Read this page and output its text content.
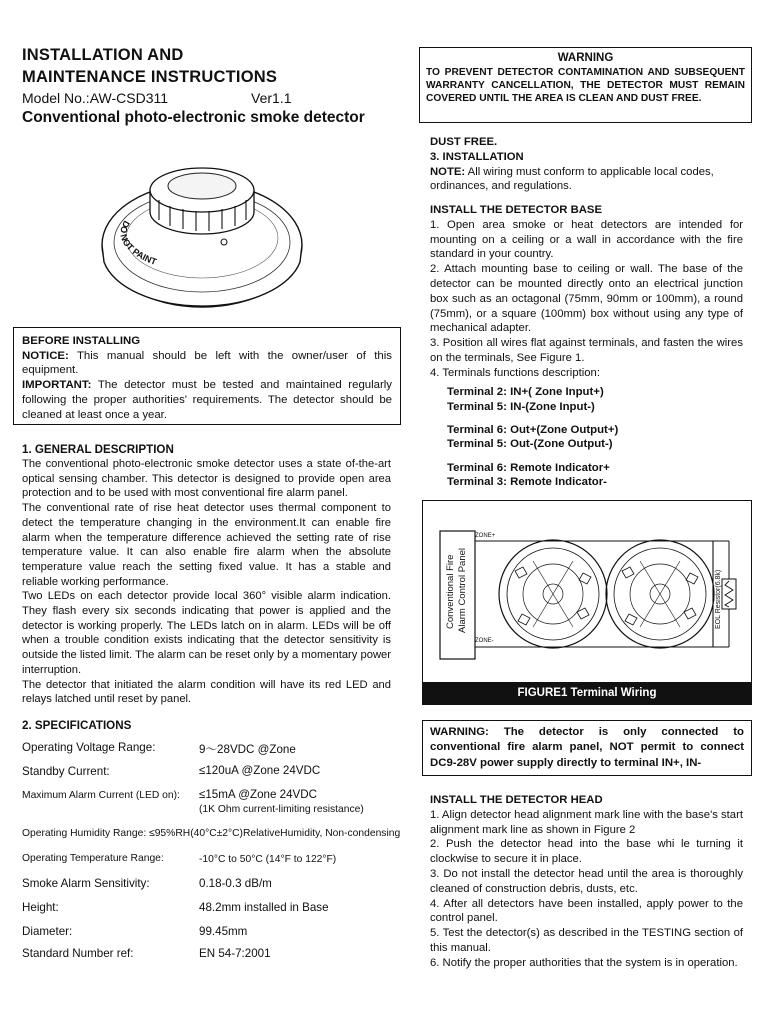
INSTALLATION AND
MAINTENANCE INSTRUCTIONS
Model No.:AW-CSD311	Ver1.1
Conventional photo-electronic smoke detector
DO NOT PAINT
BEFORE INSTALLING
NOTICE: This manual should be left with the owner/user of this equipment.
IMPORTANT: The detector must be tested and maintained regularly following the proper authorities' requirements. The detector should be cleaned at least once a year.
1. GENERAL DESCRIPTION

The conventional photo-electronic smoke detector uses a state of-the-art optical sensing chamber. This detector is designed to provide open area protection and to be used with most conventional fire alarm panel.

The conventional rate of rise heat detector uses thermal component to detect the temperature changing in the environment.It can enable fire alarm when the temperature difference achieved the setting rate of rise temperature value. It can also enable fire alarm when the absolute temperature value reach the setting fixed value. It has a stable and reliable working performance.

Two LEDs on each detector provide local 360° visible alarm indication. They flash every six seconds indicating that power is applied and the detector is working properly. The LEDs latch on in alarm. LEDs will be off when a trouble condition exists indicating that the detector sensitivity is outside the listed limit. The alarm can be reset only by a momentary power interruption.

The detector that initiated the alarm condition will have its red LED and relays latched until reset by panel.

2. SPECIFICATIONS
Operating Voltage Range:	9～28VDC @Zone
Standby Current:	≤120uA @Zone 24VDC
Maximum Alarm Current (LED on): ≤15mA @Zone 24VDC
(1K Ohm current-limiting resistance)
Operating Humidity Range: ≤95%RH(40°C±2°C)RelativeHumidity, Non-condensing
Operating Temperature Range:	-10°C to 50°C (14°F to 122°F)
Smoke Alarm Sensitivity:	0.18-0.3 dB/m
Height:	48.2mm installed in Base
Diameter:	99.45mm
Standard Number ref:	EN 54-7:2001
WARNING
TO PREVENT DETECTOR CONTAMINATION AND SUBSEQUENT WARRANTY CANCELLATION, THE DETECTOR MUST REMAIN COVERED UNTIL THE AREA IS CLEAN AND DUST FREE.
DUST FREE.
3. INSTALLATION
NOTE: All wiring must conform to applicable local codes, ordinances, and regulations.
INSTALL THE DETECTOR BASE

1. Open area smoke or heat detectors are intended for mounting on a ceiling or a wall in accordance with the fire standard in your country.

2. Attach mounting base to ceiling or wall. The base of the detector can be mounted directly onto an electrical junction box such as an octagonal (75mm, 90mm or 100mm), a round (75mm), or a square (100mm) box without using any type of mechanical adapter.

3. Position all wires flat against terminals, and fasten the wires on the terminals, See Figure 1.

4. Terminals functions description:

Terminal 2: IN+( Zone Input+)
Terminal 5: IN-(Zone Input-)
Terminal 6: Out+(Zone Output+)
Terminal 5: Out-(Zone Output-)
Terminal 6: Remote Indicator+
Terminal 3: Remote Indicator-
Conventional Fire Alarm Control Panel
ZONE+
ZONE-
EOL Resistor(6.8k)
FIGURE1 Terminal Wiring
WARNING: The detector is only connected to conventional fire alarm panel, NOT permit to connect DC9-28V power supply directly to terminal IN+, IN-
INSTALL THE DETECTOR HEAD

1. Align detector head alignment mark line with the base's start alignment mark line as shown in Figure 2

2. Push the detector head into the base whi le turning it clockwise to secure it in place.

3. Do not install the detector head until the area is thoroughly cleaned of construction debris, dusts, etc.

4. After all detectors have been installed, apply power to the control panel.

5. Test the detector(s) as described in the TESTING section of this manual.

6. Notify the proper authorities that the system is in operation.
